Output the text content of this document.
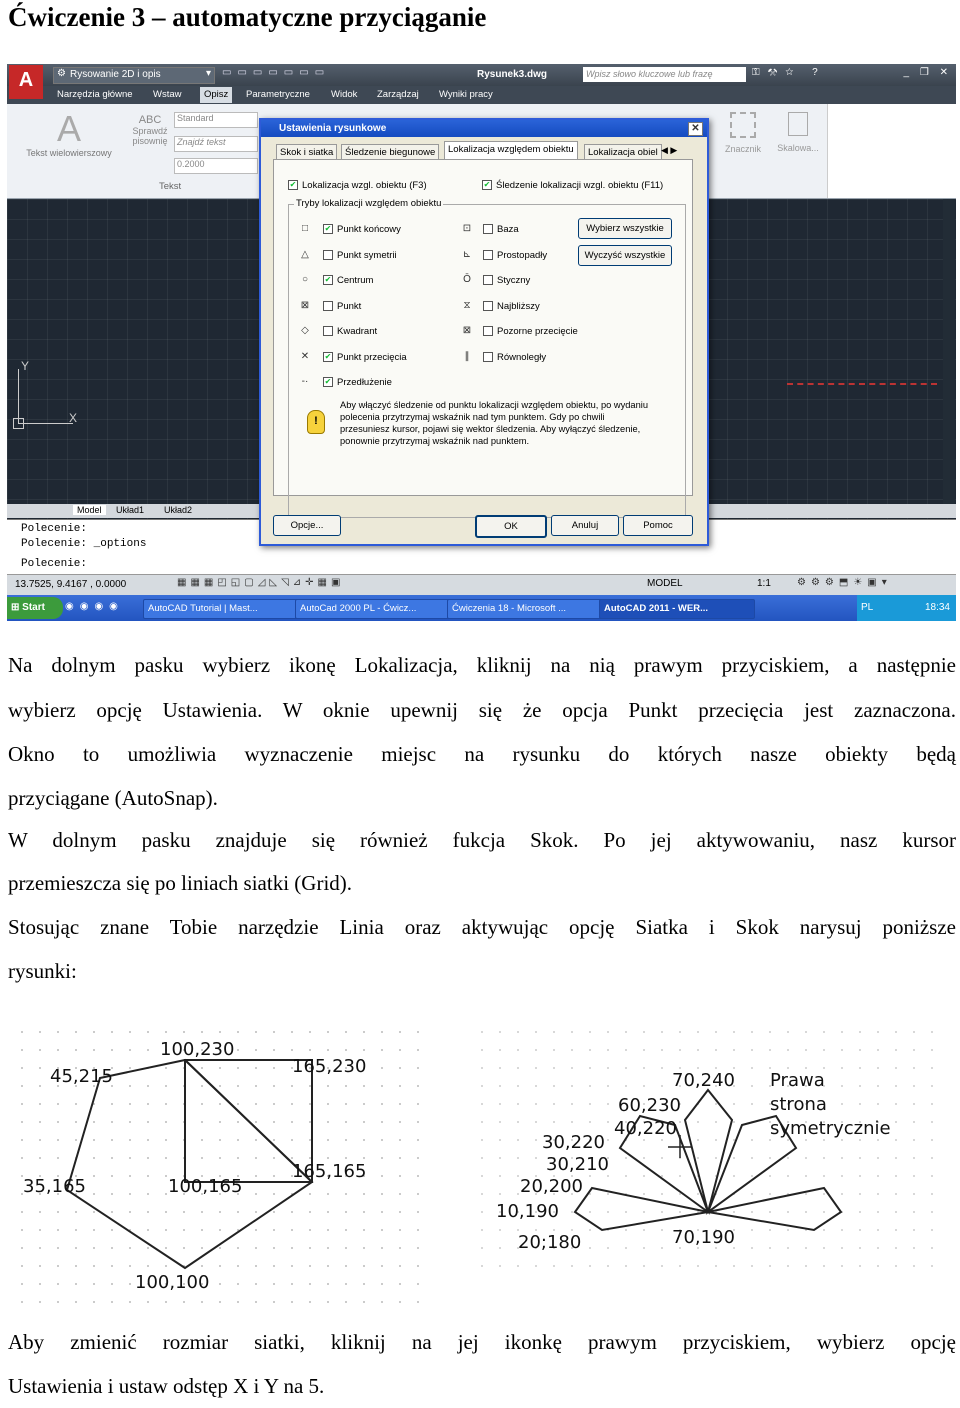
Ćwiczenie 3 – automatyczne przyciąganie
A	⚙ Rysowanie 2D i opis	▾ ▭▭▭▭▭▭▭	Rysunek3.dwg	Wpisz słowo kluczowe lub frazę	⚿⚒☆ ?	_ ❐ ✕
Narzędzia główne Wstaw	Opisz	Parametryczne Widok Zarządzaj Wyniki pracy
A
Tekst wielowierszowy
ABC
Sprawdź pisownię
Standard
Znajdź tekst
0.2000
Tekst
Znacznik	Skalowa...
Y
X
Model	Układ1 Układ2
Polecenie:
Polecenie: _options
Polecenie:
13.7525, 9.4167 , 0.0000	▦▦▦◰◱▢◿◺◹⊿✛▦▣	MODEL	1:1	⚙⚙⚙⬒☀▣▾
⊞ Start	◉◉◉◉	AutoCAD Tutorial | Mast...	AutoCad 2000 PL - Ćwicz...	Ćwiczenia 18 - Microsoft ...	AutoCAD 2011 - WER...	PL	18:34
Ustawienia rysunkowe	✕
Skok i siatka	Śledzenie biegunowe	Lokalizacja względem obiektu	Lokalizacja obiel ◀ ▶
✔ Lokalizacja wzgl. obiektu (F3)	✔ Śledzenie lokalizacji wzgl. obiektu (F11)
Tryby lokalizacji względem obiektu
□	✔ Punkt końcowy
△	Punkt symetrii
○	✔ Centrum
⊠	Punkt
◇	Kwadrant
✕ ✔ Punkt przecięcia
-·	✔ Przedłużenie
⊡	Baza
⊾	Prostopadły
Ō	Styczny
⧖	Najbliższy
⊠	Pozorne przecięcie
∥	Równoległy
Wybierz wszystkie
Wyczyść wszystkie
!
Aby włączyć śledzenie od punktu lokalizacji względem obiektu, po wydaniu polecenia przytrzymaj wskaźnik nad tym punktem. Gdy po chwili przesuniesz kursor, pojawi się wektor śledzenia. Aby wyłączyć śledzenie, ponownie przytrzymaj wskaźnik nad punktem.
Opcje...	OK	Anuluj	Pomoc
Na dolnym pasku wybierz ikonę Lokalizacja, kliknij na nią prawym przyciskiem, a następnie
wybierz opcję Ustawienia. W oknie upewnij się że opcja Punkt przecięcia jest zaznaczona.
Okno to umożliwia wyznaczenie miejsc na rysunku do których nasze obiekty będą
przyciągane (AutoSnap).
W dolnym pasku znajduje się również fukcja Skok. Po jej aktywowaniu, nasz kursor
przemieszcza się po liniach siatki (Grid).
Stosując znane Tobie narzędzie Linia oraz aktywując opcję Siatka i Skok narysuj poniższe
rysunki:
100,230
45,215	165,230
165,165
35,165	100,165
100,100
70,240
60,230
40,220
30,220
30,210
20,200
10,190
20;180	70,190
Prawa
strona
symetrycznie
Aby zmienić rozmiar siatki, kliknij na jej ikonkę prawym przyciskiem, wybierz opcję
Ustawienia i ustaw odstęp X i Y na 5.
